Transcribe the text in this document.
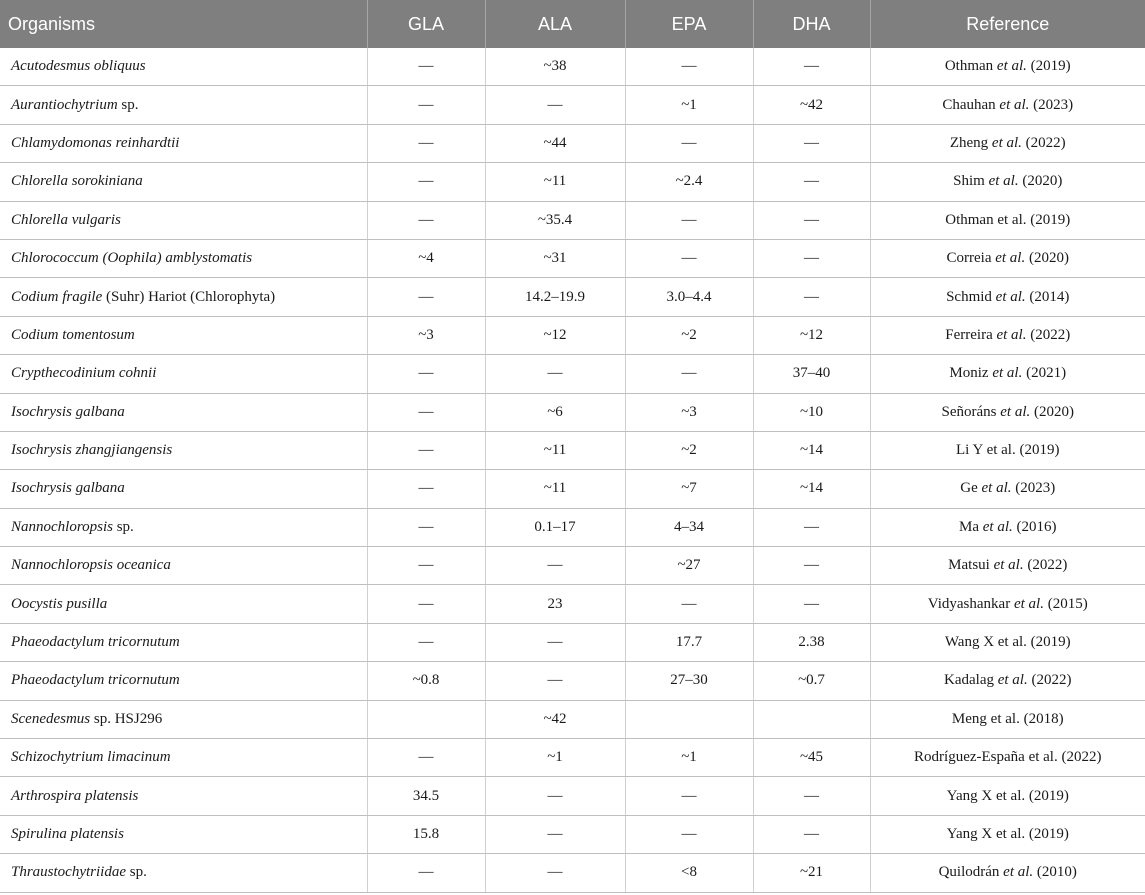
Organisms	GLA	ALA	EPA	DHA	Reference
Acutodesmus obliquus	—	~38	—	—	Othman et al. (2019)
Aurantiochytrium sp.	—	—	~1	~42	Chauhan et al. (2023)
Chlamydomonas reinhardtii	—	~44	—	—	Zheng et al. (2022)
Chlorella sorokiniana	—	~11	~2.4	—	Shim et al. (2020)
Chlorella vulgaris	—	~35.4	—	—	Othman et al. (2019)
Chlorococcum (Oophila) amblystomatis	~4	~31	—	—	Correia et al. (2020)
Codium fragile (Suhr) Hariot (Chlorophyta)	—	14.2–19.9	3.0–4.4	—	Schmid et al. (2014)
Codium tomentosum	~3	~12	~2	~12	Ferreira et al. (2022)
Crypthecodinium cohnii	—	—	—	37–40	Moniz et al. (2021)
Isochrysis galbana	—	~6	~3	~10	Señoráns et al. (2020)
Isochrysis zhangjiangensis	—	~11	~2	~14	Li Y et al. (2019)
Isochrysis galbana	—	~11	~7	~14	Ge et al. (2023)
Nannochloropsis sp.	—	0.1–17	4–34	—	Ma et al. (2016)
Nannochloropsis oceanica	—	—	~27	—	Matsui et al. (2022)
Oocystis pusilla	—	23	—	—	Vidyashankar et al. (2015)
Phaeodactylum tricornutum	—	—	17.7	2.38	Wang X et al. (2019)
Phaeodactylum tricornutum	~0.8	—	27–30	~0.7	Kadalag et al. (2022)
Scenedesmus sp. HSJ296		~42			Meng et al. (2018)
Schizochytrium limacinum	—	~1	~1	~45	Rodríguez-España et al. (2022)
Arthrospira platensis	34.5	—	—	—	Yang X et al. (2019)
Spirulina platensis	15.8	—	—	—	Yang X et al. (2019)
Thraustochytriidae sp.	—	—	<8	~21	Quilodrán et al. (2010)
